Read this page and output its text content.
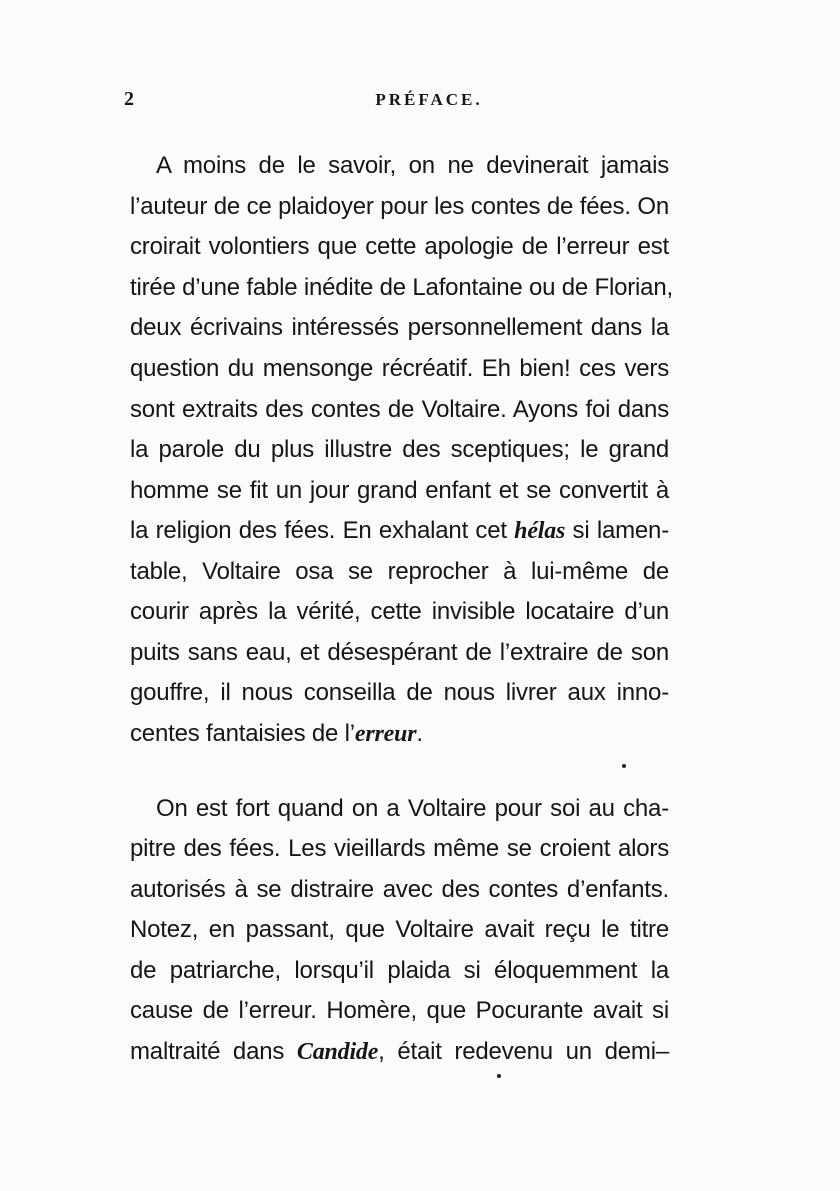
2	PRÉFACE.
A moins de le savoir, on ne devinerait jamais
l’auteur de ce plaidoyer pour les contes de fées. On
croirait volontiers que cette apologie de l’erreur est
tirée d’une fable inédite de Lafontaine ou de Florian,
deux écrivains intéressés personnellement dans la
question du mensonge récréatif. Eh bien! ces vers
sont extraits des contes de Voltaire. Ayons foi dans
la parole du plus illustre des sceptiques; le grand
homme se fit un jour grand enfant et se convertit à
la religion des fées. En exhalant cet hélas si lamen-
table, Voltaire osa se reprocher à lui-même de
courir après la vérité, cette invisible locataire d’un
puits sans eau, et désespérant de l’extraire de son
gouffre, il nous conseilla de nous livrer aux inno-
centes fantaisies de l’erreur.
On est fort quand on a Voltaire pour soi au cha-
pitre des fées. Les vieillards même se croient alors
autorisés à se distraire avec des contes d’enfants.
Notez, en passant, que Voltaire avait reçu le titre
de patriarche, lorsqu’il plaida si éloquemment la
cause de l’erreur. Homère, que Pocurante avait si
maltraité dans Candide, était redevenu un demi–
